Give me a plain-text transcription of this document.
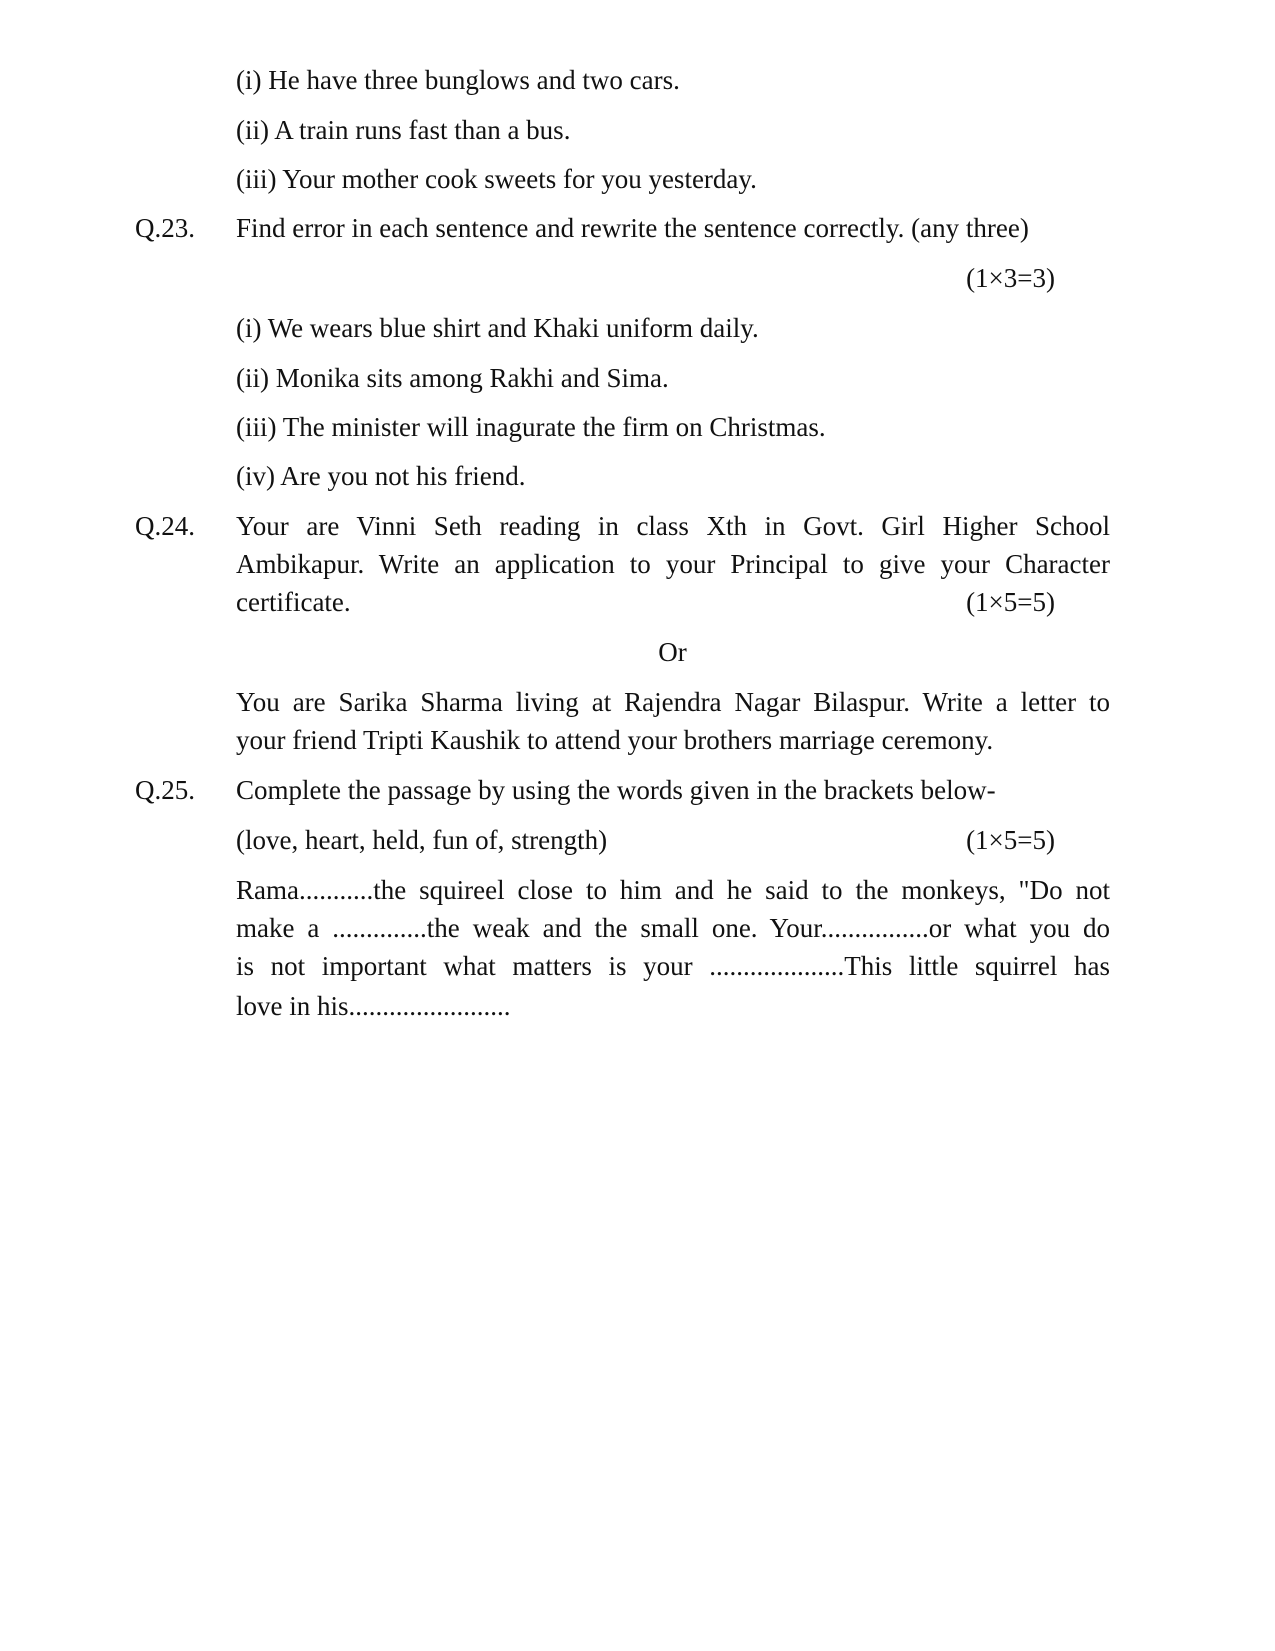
(i) He have three bunglows and two cars.
(ii) A train runs fast than a bus.
(iii) Your mother cook sweets for you yesterday.
Q.23. Find error in each sentence and rewrite the sentence correctly. (any three)
(1×3=3)
(i) We wears blue shirt and Khaki uniform daily.
(ii) Monika sits among Rakhi and Sima.
(iii) The minister will inagurate the firm on Christmas.
(iv) Are you not his friend.
Q.24. Your are Vinni Seth reading in class Xth in Govt. Girl Higher School
Ambikapur. Write an application to your Principal to give your Character
certificate.	(1×5=5)
Or
You are Sarika Sharma living at Rajendra Nagar Bilaspur. Write a letter to
your friend Tripti Kaushik to attend your brothers marriage ceremony.
Q.25. Complete the passage by using the words given in the brackets below-
(love, heart, held, fun of, strength)	(1×5=5)
Rama...........the squireel close to him and he said to the monkeys, "Do not
make a ..............the weak and the small one. Your................or what you do
is not important what matters is your ....................This little squirrel has
love in his........................
